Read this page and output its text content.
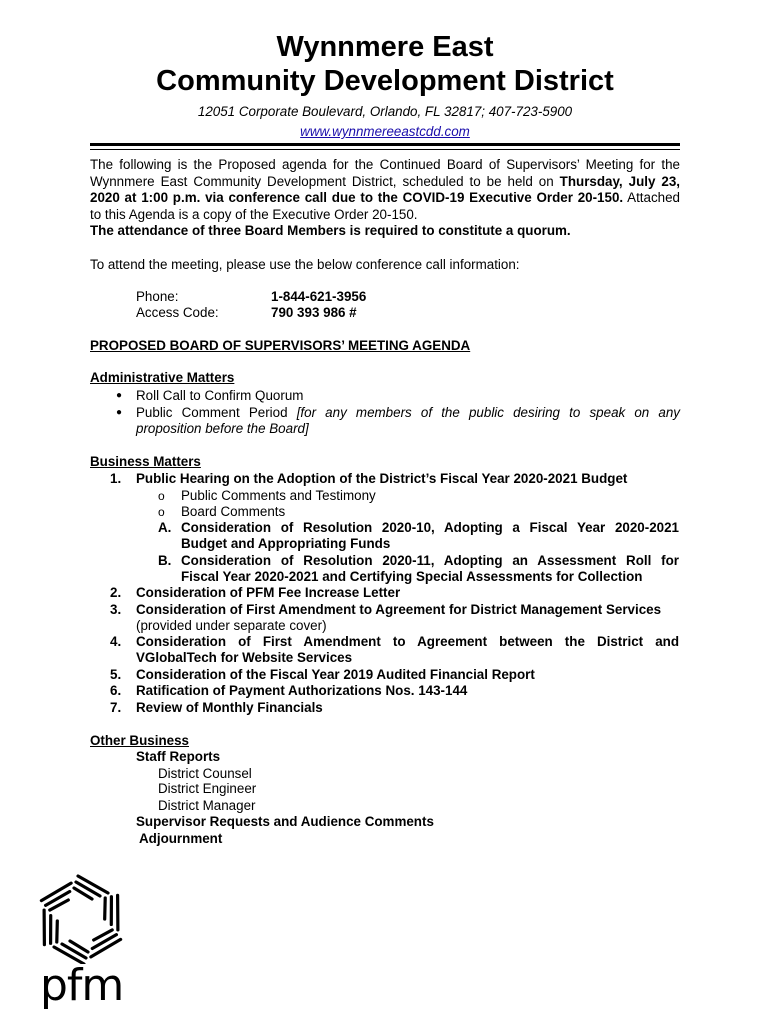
Wynnmere East
Community Development District
12051 Corporate Boulevard, Orlando, FL 32817; 407-723-5900
www.wynnmereeastcdd.com
The following is the Proposed agenda for the Continued Board of Supervisors’ Meeting for the Wynnmere East Community Development District, scheduled to be held on Thursday, July 23, 2020 at 1:00 p.m. via conference call due to the COVID-19 Executive Order 20-150. Attached to this Agenda is a copy of the Executive Order 20-150.
The attendance of three Board Members is required to constitute a quorum.
To attend the meeting, please use the below conference call information:
Phone:	1-844-621-3956
Access Code:	790 393 986 #
PROPOSED BOARD OF SUPERVISORS’ MEETING AGENDA
Administrative Matters
● Roll Call to Confirm Quorum
● Public Comment Period [for any members of the public desiring to speak on any
proposition before the Board]
Business Matters
1. Public Hearing on the Adoption of the District’s Fiscal Year 2020-2021 Budget
o Public Comments and Testimony
o Board Comments
A. Consideration of Resolution 2020-10, Adopting a Fiscal Year 2020-2021
Budget and Appropriating Funds
B. Consideration of Resolution 2020-11, Adopting an Assessment Roll for
Fiscal Year 2020-2021 and Certifying Special Assessments for Collection
2. Consideration of PFM Fee Increase Letter
3. Consideration of First Amendment to Agreement for District Management Services
(provided under separate cover)
4. Consideration of First Amendment to Agreement between the District and
VGlobalTech for Website Services
5. Consideration of the Fiscal Year 2019 Audited Financial Report
6. Ratification of Payment Authorizations Nos. 143-144
7. Review of Monthly Financials
Other Business
Staff Reports
District Counsel
District Engineer
District Manager
Supervisor Requests and Audience Comments
Adjournment
pfm
